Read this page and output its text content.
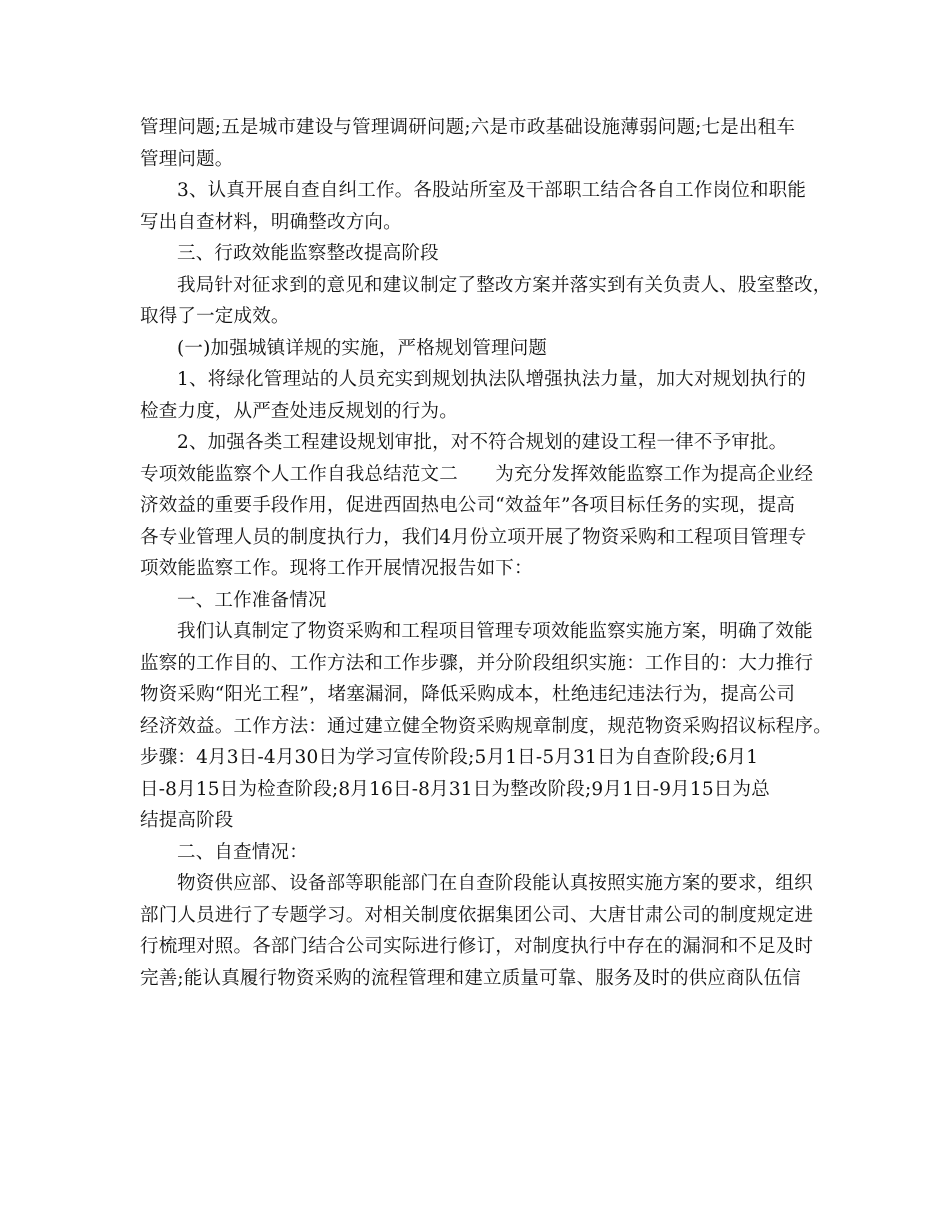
管理问题;五是城市建设与管理调研问题;六是市政基础设施薄弱问题;七是出租车
管理问题。
3、认真开展自查自纠工作。各股站所室及干部职工结合各自工作岗位和职能
写出自查材料，明确整改方向。
三、行政效能监察整改提高阶段
我局针对征求到的意见和建议制定了整改方案并落实到有关负责人、股室整改，
取得了一定成效。
(一)加强城镇详规的实施，严格规划管理问题
1、将绿化管理站的人员充实到规划执法队增强执法力量，加大对规划执行的
检查力度，从严查处违反规划的行为。
2、加强各类工程建设规划审批，对不符合规划的建设工程一律不予审批。
专项效能监察个人工作自我总结范文二　　为充分发挥效能监察工作为提高企业经
济效益的重要手段作用，促进西固热电公司“效益年”各项目标任务的实现，提高
各专业管理人员的制度执行力，我们4月份立项开展了物资采购和工程项目管理专
项效能监察工作。现将工作开展情况报告如下：
一、工作准备情况
我们认真制定了物资采购和工程项目管理专项效能监察实施方案，明确了效能
监察的工作目的、工作方法和工作步骤，并分阶段组织实施：工作目的：大力推行
物资采购“阳光工程”，堵塞漏洞，降低采购成本，杜绝违纪违法行为，提高公司
经济效益。工作方法：通过建立健全物资采购规章制度，规范物资采购招议标程序。
步骤：4月3日-4月30日为学习宣传阶段;5月1日-5月31日为自查阶段;6月1
日-8月15日为检查阶段;8月16日-8月31日为整改阶段;9月1日-9月15日为总
结提高阶段
二、自查情况：
物资供应部、设备部等职能部门在自查阶段能认真按照实施方案的要求，组织
部门人员进行了专题学习。对相关制度依据集团公司、大唐甘肃公司的制度规定进
行梳理对照。各部门结合公司实际进行修订，对制度执行中存在的漏洞和不足及时
完善;能认真履行物资采购的流程管理和建立质量可靠、服务及时的供应商队伍信
